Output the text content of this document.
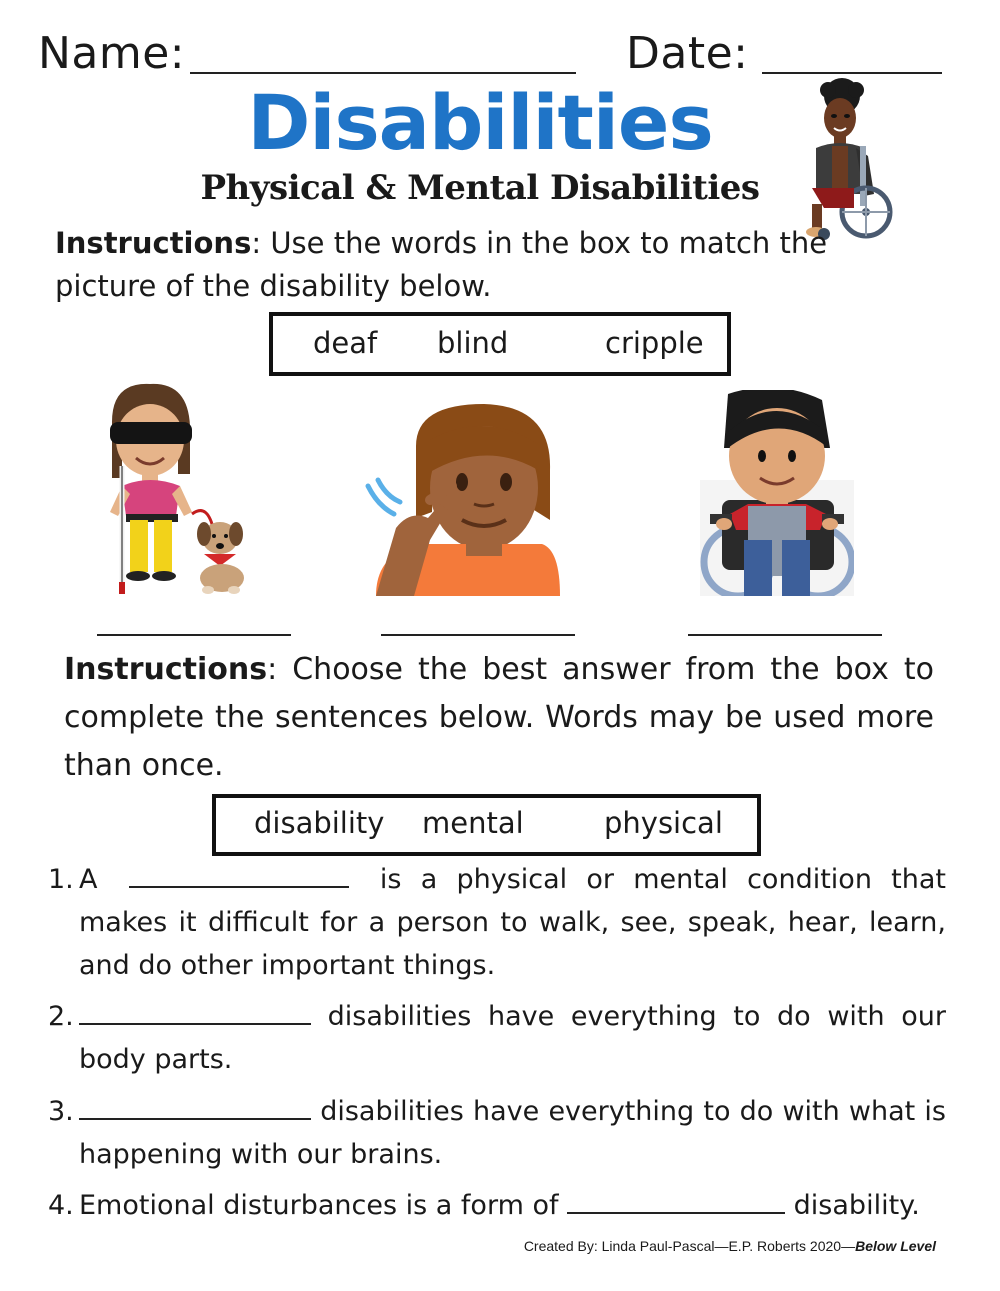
Name:	Date:
Disabilities
Physical & Mental Disabilities
Instructions: Use the words in the box to match the picture of the disability below.
deaf blind	cripple
Instructions: Choose the best answer from the box to complete the sentences below. Words may be used more than once.
disability mental	physical
1. A	is a physical or mental condition that makes it difficult for a person to walk, see, speak, hear, learn, and do other important things.
2.	disabilities have everything to do with our body parts.
3.	disabilities have everything to do with what is happening with our brains.
4. Emotional disturbances is a form of	disability.
Created By: Linda Paul-Pascal—E.P. Roberts 2020—Below Level
